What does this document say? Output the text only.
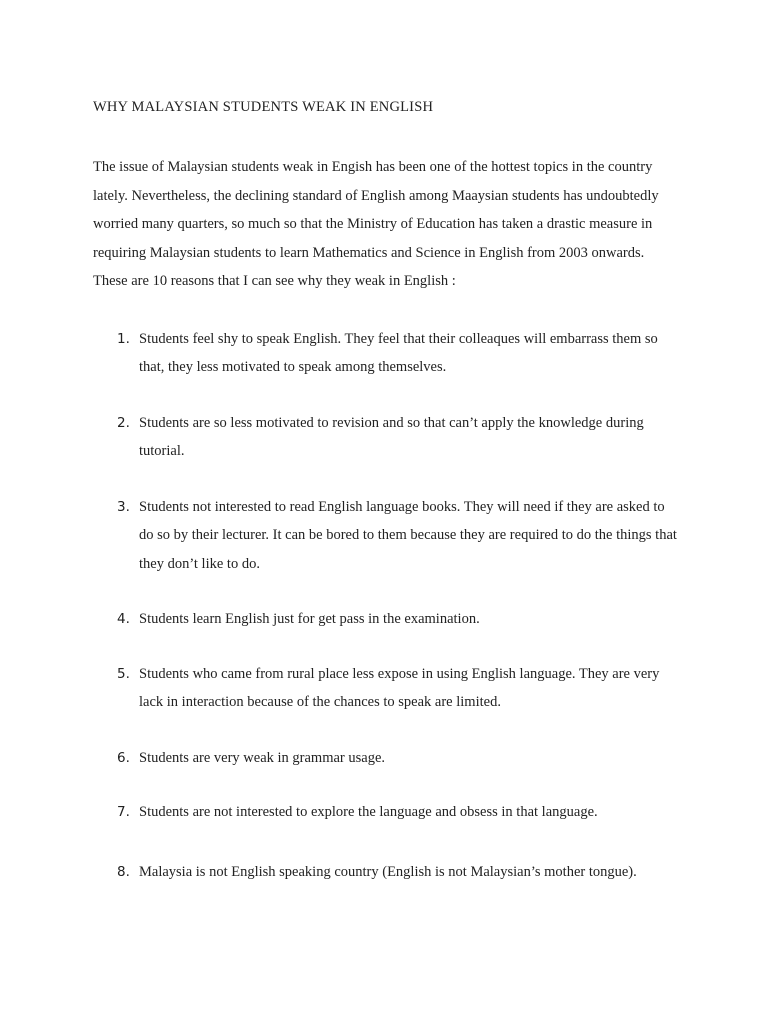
WHY MALAYSIAN STUDENTS WEAK IN ENGLISH

The issue of Malaysian students weak in Engish has been one of the hottest topics in the country lately. Nevertheless, the declining standard of English among Maaysian students has undoubtedly worried many quarters, so much so that the Ministry of Education has taken a drastic measure in requiring Malaysian students to learn Mathematics and Science in English from 2003 onwards. These are 10 reasons that I can see why they weak in English :

1. Students feel shy to speak English. They feel that their colleaques will embarrass them so that, they less motivated to speak among themselves.
2. Students are so less motivated to revision and so that can’t apply the knowledge during tutorial.
3. Students not interested to read English language books. They will need if they are asked to do so by their lecturer. It can be bored to them because they are required to do the things that they don’t like to do.
4. Students learn English just for get pass in the examination.
5. Students who came from rural place less expose in using English language. They are very lack in interaction because of the chances to speak are limited.
6. Students are very weak in grammar usage.
7. Students are not interested to explore the language and obsess in that language.
8. Malaysia is not English speaking country (English is not Malaysian’s mother tongue).
